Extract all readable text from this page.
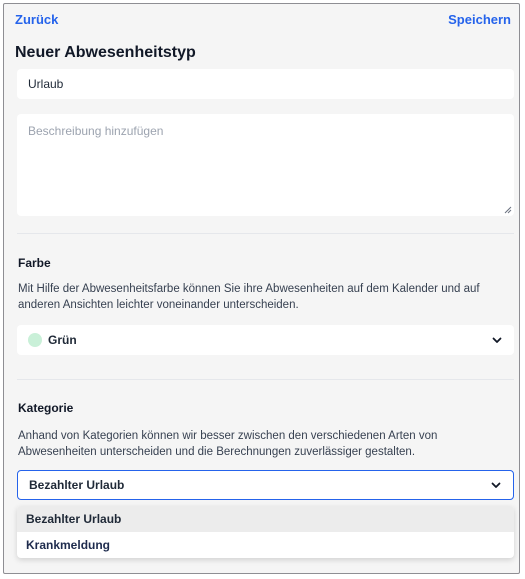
Zurück	Speichern
Neuer Abwesenheitstyp
Urlaub
Beschreibung hinzufügen
Farbe
Mit Hilfe der Abwesenheitsfarbe können Sie ihre Abwesenheiten auf dem Kalender und auf anderen Ansichten leichter voneinander unterscheiden.
Grün
Kategorie
Anhand von Kategorien können wir besser zwischen den verschiedenen Arten von Abwesenheiten unterscheiden und die Berechnungen zuverlässiger gestalten.
Bezahlter Urlaub
Bezahlter Urlaub
Krankmeldung
